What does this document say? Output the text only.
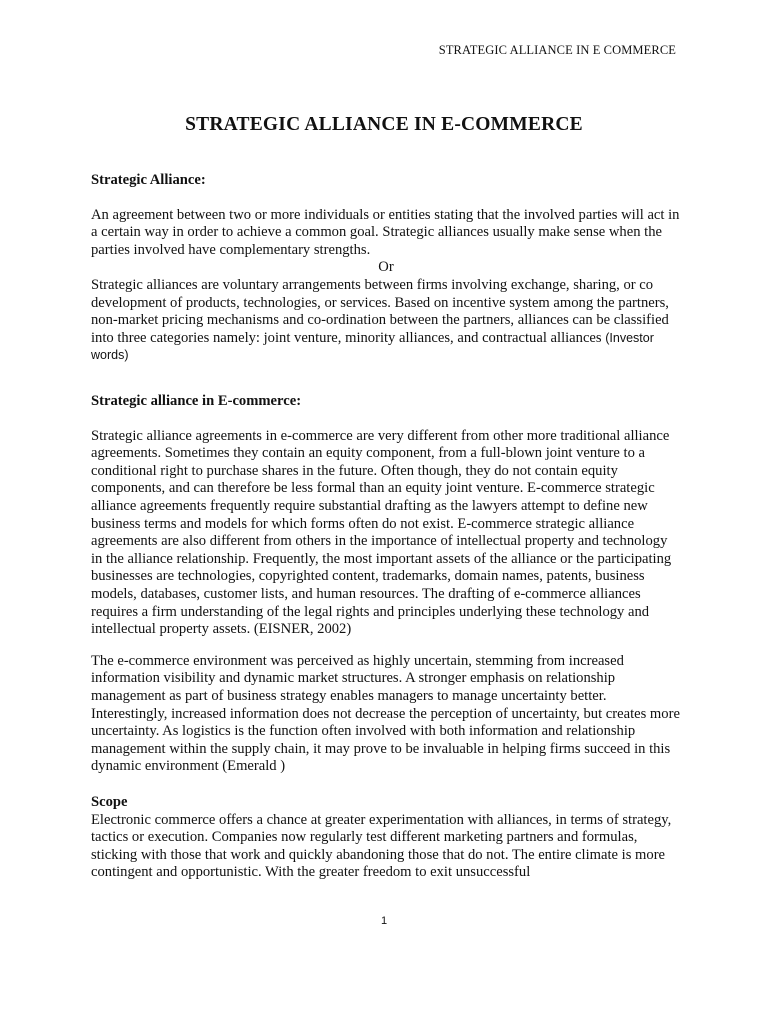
STRATEGIC ALLIANCE IN E COMMERCE
STRATEGIC ALLIANCE IN E-COMMERCE
Strategic Alliance:
An agreement between two or more individuals or entities stating that the involved parties will act in a certain way in order to achieve a common goal. Strategic alliances usually make sense when the parties involved have complementary strengths.
Or
Strategic alliances are voluntary arrangements between firms involving exchange, sharing, or co development of products, technologies, or services. Based on incentive system among the partners, non-market pricing mechanisms and co-ordination between the partners, alliances can be classified into three categories namely: joint venture, minority alliances, and contractual alliances (Investor words)
Strategic alliance in E-commerce:
Strategic alliance agreements in e-commerce are very different from other more traditional alliance agreements. Sometimes they contain an equity component, from a full-blown joint venture to a conditional right to purchase shares in the future. Often though, they do not contain equity components, and can therefore be less formal than an equity joint venture. E-commerce strategic alliance agreements frequently require substantial drafting as the lawyers attempt to define new business terms and models for which forms often do not exist. E-commerce strategic alliance agreements are also different from others in the importance of intellectual property and technology in the alliance relationship. Frequently, the most important assets of the alliance or the participating businesses are technologies, copyrighted content, trademarks, domain names, patents, business models, databases, customer lists, and human resources. The drafting of e-commerce alliances requires a firm understanding of the legal rights and principles underlying these technology and intellectual property assets. (EISNER, 2002)
The e-commerce environment was perceived as highly uncertain, stemming from increased information visibility and dynamic market structures. A stronger emphasis on relationship management as part of business strategy enables managers to manage uncertainty better. Interestingly, increased information does not decrease the perception of uncertainty, but creates more uncertainty. As logistics is the function often involved with both information and relationship management within the supply chain, it may prove to be invaluable in helping firms succeed in this dynamic environment (Emerald )
Scope
Electronic commerce offers a chance at greater experimentation with alliances, in terms of strategy, tactics or execution. Companies now regularly test different marketing partners and formulas, sticking with those that work and quickly abandoning those that do not. The entire climate is more contingent and opportunistic. With the greater freedom to exit unsuccessful
1
